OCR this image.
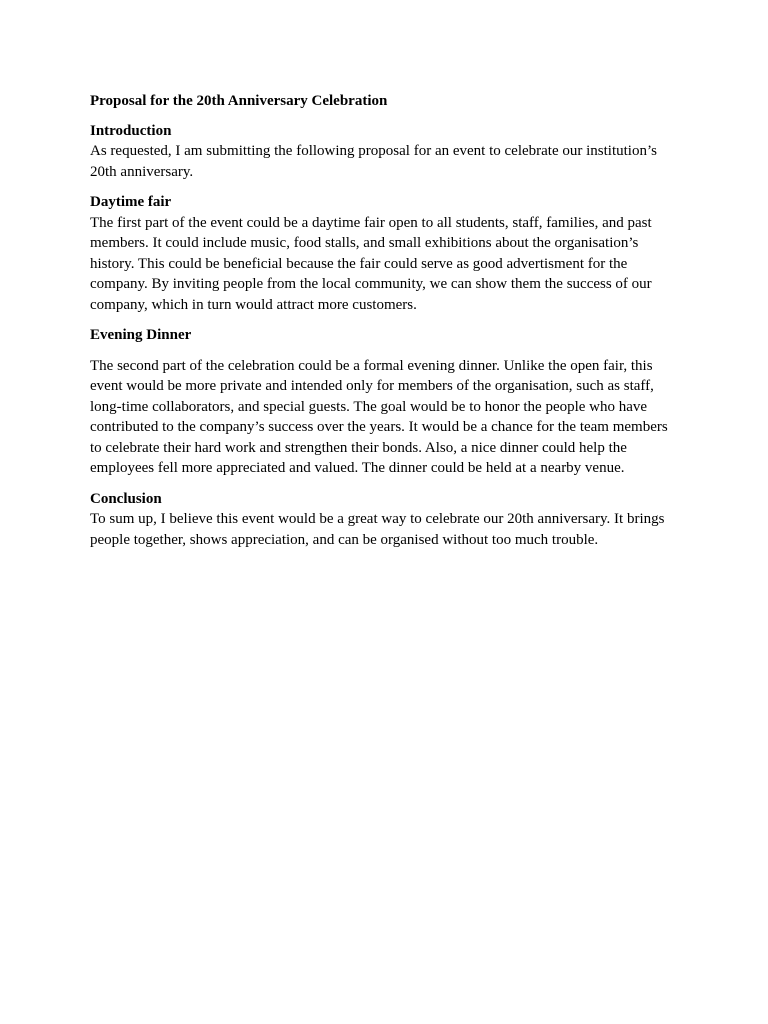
Proposal for the 20th Anniversary Celebration

Introduction

As requested, I am submitting the following proposal for an event to celebrate our institution’s 20th anniversary.

Daytime fair

The first part of the event could be a daytime fair open to all students, staff, families, and past members. It could include music, food stalls, and small exhibitions about the organisation’s history. This could be beneficial because the fair could serve as good advertisment for the company. By inviting people from the local community, we can show them the success of our company, which in turn would attract more customers.

Evening Dinner

The second part of the celebration could be a formal evening dinner. Unlike the open fair, this event would be more private and intended only for members of the organisation, such as staff, long-time collaborators, and special guests. The goal would be to honor the people who have contributed to the company’s success over the years. It would be a chance for the team members to celebrate their hard work and strengthen their bonds. Also, a nice dinner could help the employees fell more appreciated and valued. The dinner could be held at a nearby venue.

Conclusion

To sum up, I believe this event would be a great way to celebrate our 20th anniversary. It brings people together, shows appreciation, and can be organised without too much trouble.
